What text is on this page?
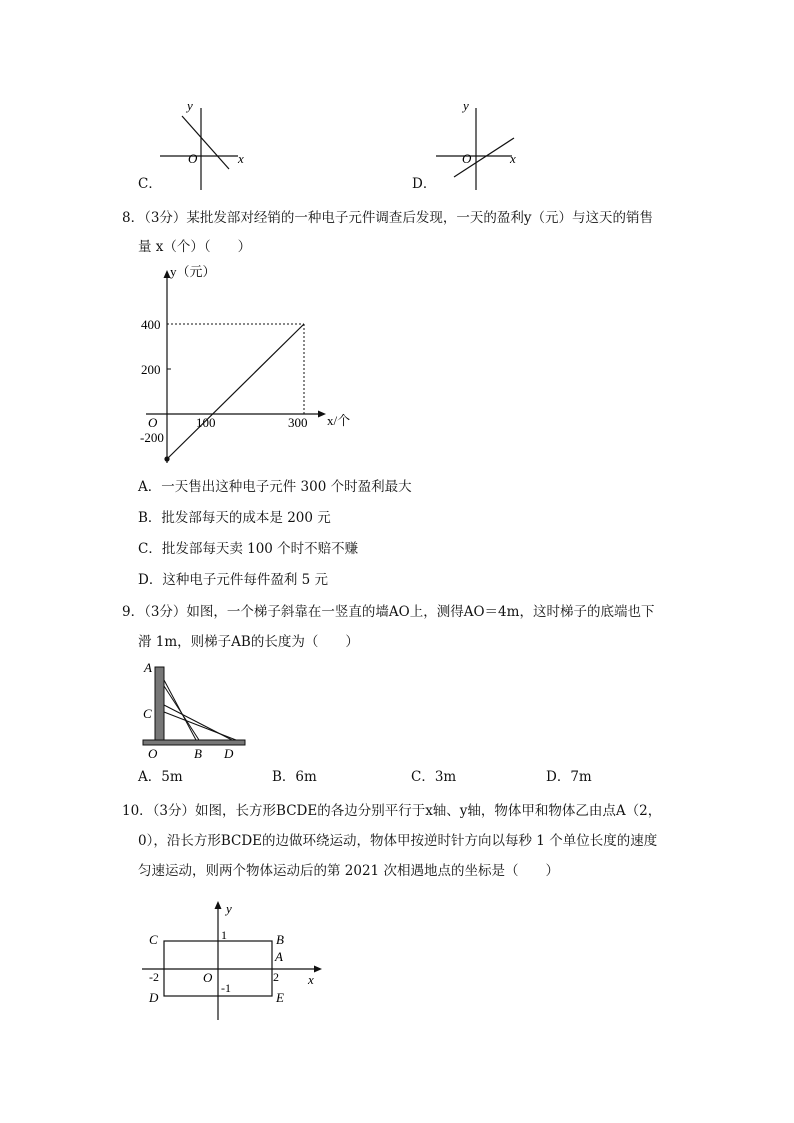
C．
y
x
O
D．
y
x
O
8．（3分）某批发部对经销的一种电子元件调查后发现，一天的盈利y（元）与这天的销售
量 x（个）（　　）
y（元）
x/个
O	100	300
400
200
-200
A．一天售出这种电子元件 300 个时盈利最大
B．批发部每天的成本是 200 元
C．批发部每天卖 100 个时不赔不赚
D．这种电子元件每件盈利 5 元
9．（3分）如图，一个梯子斜靠在一竖直的墙AO上，测得AO＝4m，这时梯子的底端也下
滑 1m，则梯子AB的长度为（　　）
A
C
O	B D
A．5m	B．6m	C．3m	D．7m
10．（3分）如图，长方形BCDE的各边分别平行于x轴、y轴，物体甲和物体乙由点A（2，
0），沿长方形BCDE的边做环绕运动，物体甲按逆时针方向以每秒 1 个单位长度的速度
匀速运动，则两个物体运动后的第 2021 次相遇地点的坐标是（　　）
y
x
O
C	B
A
D	E
1
-1
2
-2
